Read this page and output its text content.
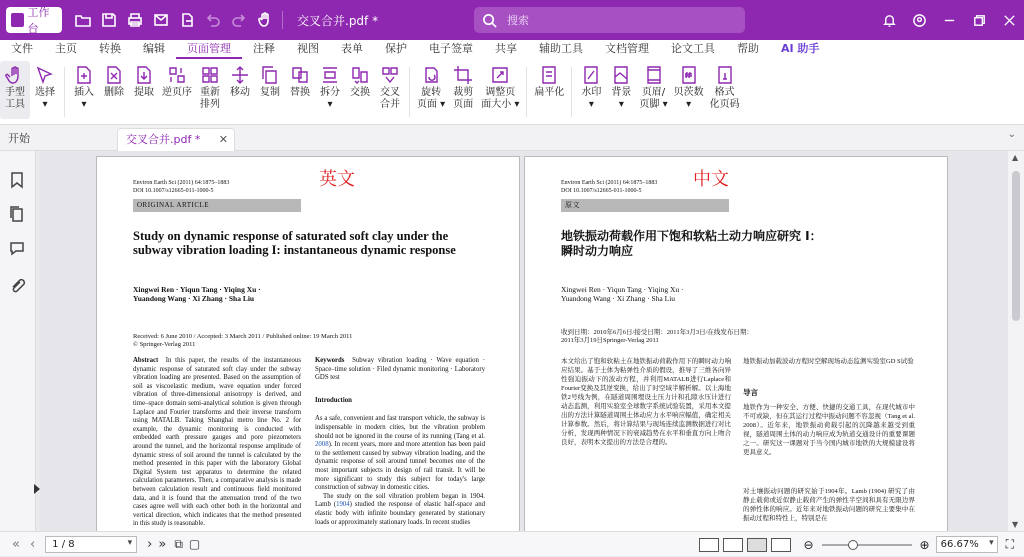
工作台
交叉合并.pdf *	搜索
文件	主页	转换	编辑	页面管理	注释	视图	表单	保护	电子签章	共享	辅助工具	文档管理	论文工具	帮助	AI 助手
手型
工具
选择
▾
插入
▾
删除 提取 逆页序 重新
排列
移动 复制 替换 拆分
▾
交换 交叉
合并
旋转
页面 ▾
裁剪
页面
调整页
面大小 ▾
扁平化 水印
▾
背景
▾
页眉/
页脚 ▾
贝茨数
▾
格式
化页码
开始	交叉合并.pdf * ✕	⌄
英文
Environ Earth Sci (2011) 64:1875–1883
DOI 10.1007/s12665-011-1000-5
ORIGINAL ARTICLE
Study on dynamic response of saturated soft clay under the subway vibration loading I: instantaneous dynamic response
Xingwei Ren · Yiqun Tang · Yiqing Xu ·
Yuandong Wang · Xi Zhang · Sha Liu
Received: 6 June 2010 / Accepted: 3 March 2011 / Published online: 19 March 2011
© Springer-Verlag 2011
Abstract In this paper, the results of the instantaneous dynamic response of saturated soft clay under the subway vibration loading are presented. Based on the assumption of soil as viscoelastic medium, wave equation under forced vibration of three-dimensional anisotropy is derived, and time–space domain semi-analytical solution is given through Laplace and Fourier transforms and their inverse transform using MATALB. Taking Shanghai metro line No. 2 for example, the dynamic monitoring is conducted with embedded earth pressure gauges and pore piezometers around the tunnel, and the horizontal response amplitude of dynamic stress of soil around the tunnel is calculated by the method presented in this paper with the laboratory Global Digital System test apparatus to determine the related calculation parameters. Then, a comparative analysis is made between calculation result and continuous field monitored data, and it is found that the attenuation trend of the two cases agree well with each other both in the horizontal and vertical direction, which indicates that the method presented in this study is reasonable.
Keywords Subway vibration loading · Wave equation · Space–time solution · Filed dynamic monitoring · Laboratory GDS test
Introduction
As a safe, convenient and fast transport vehicle, the subway is indispensable in modern cities, but the vibration problem should not be ignored in the course of its running (Tang et al. 2008). In recent years, more and more attention has been paid to the settlement caused by subway vibration loading, and the dynamic response of soil around tunnel becomes one of the most important subjects in design of rail transit. It will be more significant to study this subject for today's large construction of subway in domestic cities.
The study on the soil vibration problem began in 1904. Lamb (1904) studied the response of elastic half-space and elastic body with infinite boundary generated by stationary loads or approximately stationary loads. In recent studies
中文
Environ Earth Sci (2011) 64:1875–1883
DOI 10.1007/s12665-011-1000-5
原文
地铁振动荷载作用下饱和软粘土动力响应研究 I：瞬时动力响应
Xingwei Ren · Yiqun Tang · Yiqing Xu ·
Yuandong Wang · Xi Zhang · Sha Liu
收到日期：2010年6月6日/接受日期：2011年3月3日/在线发布日期：2011年3月19日Springer-Verlag 2011
本文给出了饱和软粘土在地铁振动荷载作用下的瞬时动力响应结果。基于土体为粘弹性介质的假设，推导了三维各向异性强迫振动下的波动方程，并利用MATALB进行Laplace和Fourier变换及其逆变换，给出了时空域半解析解。以上海地铁2号线为例，在隧道周围埋设土压力计和孔隙水压计进行动态监测，利用实验室全球数字系统试验装置，采用本文提出的方法计算隧道周围土体动应力水平响应幅值，确定相关计算参数。然后，将计算结果与现场连续监测数据进行对比分析，发现两种情况下的衰减趋势在水平和垂直方向上吻合良好，表明本文提出的方法是合理的。
地铁振动加载波动方程时空解现场动态监测实验室GD S试验
导言
地铁作为一种安全、方便、快捷的交通工具，在现代城市中不可或缺，但在其运行过程中振动问题不容忽视（Tang et al. 2008）。近年来，地铁振动荷载引起的沉降越来越受到重视，隧道周围土体的动力响应成为轨道交通设计的重要课题之一。研究这一课题对于当今国内城市地铁的大规模建设将更具意义。
对土壤振动问题的研究始于1904年。Lamb (1904) 研究了由静止载荷或近似静止载荷产生的弹性半空间和具有无限边界的弹性体的响应。近年来对地铁振动问题的研究主要集中在振动过程和特性上，特别是在
▲
▼
« ‹	1 / 8	▾ › » ⧉ ▢	⊖	⊕	66.67% ▾ ⛶
